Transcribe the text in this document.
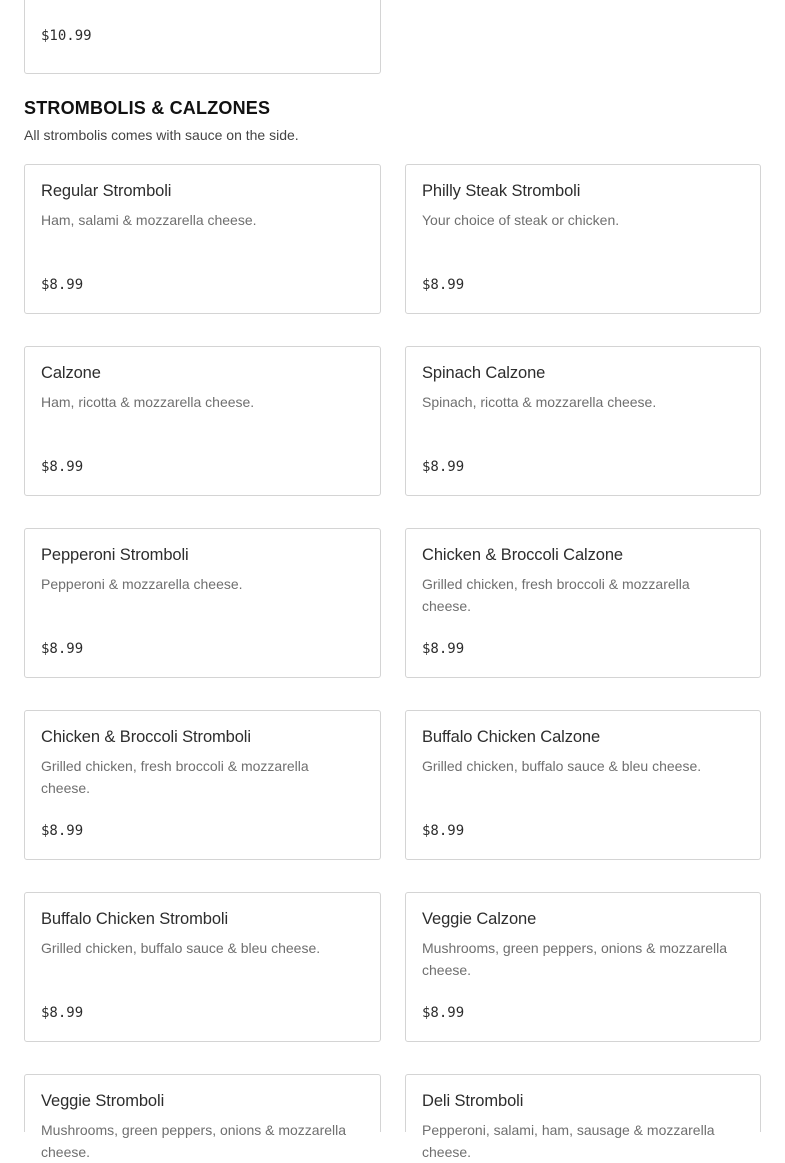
$10.99

STROMBOLIS & CALZONES

All strombolis comes with sauce on the side.

Regular Stromboli

Ham, salami & mozzarella cheese.

$8.99

Philly Steak Stromboli

Your choice of steak or chicken.

$8.99

Calzone

Ham, ricotta & mozzarella cheese.

$8.99

Spinach Calzone

Spinach, ricotta & mozzarella cheese.

$8.99

Pepperoni Stromboli

Pepperoni & mozzarella cheese.

$8.99

Chicken & Broccoli Calzone

Grilled chicken, fresh broccoli & mozzarella cheese.

$8.99

Chicken & Broccoli Stromboli

Grilled chicken, fresh broccoli & mozzarella cheese.

$8.99

Buffalo Chicken Calzone

Grilled chicken, buffalo sauce & bleu cheese.

$8.99

Buffalo Chicken Stromboli

Grilled chicken, buffalo sauce & bleu cheese.

$8.99

Veggie Calzone

Mushrooms, green peppers, onions & mozzarella cheese.

$8.99

Veggie Stromboli

Mushrooms, green peppers, onions & mozzarella cheese.

Deli Stromboli

Pepperoni, salami, ham, sausage & mozzarella cheese.
